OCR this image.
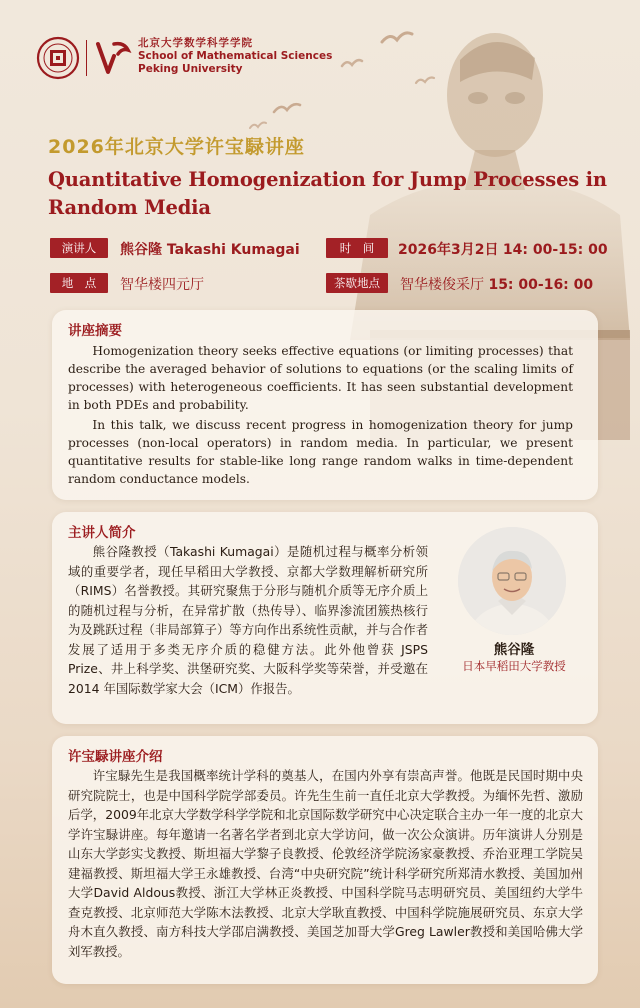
北京大学数学科学学院
School of Mathematical Sciences
Peking University
2026年北京大学许宝騄讲座
Quantitative Homogenization for Jump Processes in Random Media
演讲人	熊谷隆 Takashi Kumagai	时　间	2026年3月2日 14: 00-15: 00
地　点	智华楼四元厅	茶歇地点	智华楼俊采厅 15: 00-16: 00
讲座摘要
Homogenization theory seeks effective equations (or limiting processes) that describe the averaged behavior of solutions to equations (or the scaling limits of processes) with heterogeneous coefficients. It has seen substantial development in both PDEs and probability.
In this talk, we discuss recent progress in homogenization theory for jump processes (non-local operators) in random media. In particular, we present quantitative results for stable-like long range random walks in time-dependent random conductance models.
主讲人简介
熊谷隆教授（Takashi Kumagai）是随机过程与概率分析领域的重要学者，现任早稻田大学教授、京都大学数理解析研究所（RIMS）名誉教授。其研究聚焦于分形与随机介质等无序介质上的随机过程与分析，在异常扩散（热传导）、临界渗流团簇热核行为及跳跃过程（非局部算子）等方向作出系统性贡献，并与合作者发展了适用于多类无序介质的稳健方法。此外他曾获 JSPS Prize、井上科学奖、洪堡研究奖、大阪科学奖等荣誉，并受邀在 2014 年国际数学家大会（ICM）作报告。
熊谷隆
日本早稻田大学教授
许宝騄讲座介绍
许宝騄先生是我国概率统计学科的奠基人，在国内外享有崇高声誉。他既是民国时期中央研究院院士，也是中国科学院学部委员。许先生生前一直任北京大学教授。为缅怀先哲、激励后学，2009年北京大学数学科学学院和北京国际数学研究中心决定联合主办一年一度的北京大学许宝騄讲座。每年邀请一名著名学者到北京大学访问，做一次公众演讲。历年演讲人分别是山东大学彭实戈教授、斯坦福大学黎子良教授、伦敦经济学院汤家豪教授、乔治亚理工学院吴建福教授、斯坦福大学王永雄教授、台湾“中央研究院”统计科学研究所郑清水教授、美国加州大学David Aldous教授、浙江大学林正炎教授、中国科学院马志明研究员、美国纽约大学牛查克教授、北京师范大学陈木法教授、北京大学耿直教授、中国科学院施展研究员、东京大学舟木直久教授、南方科技大学邵启满教授、美国芝加哥大学Greg Lawler教授和美国哈佛大学刘军教授。
